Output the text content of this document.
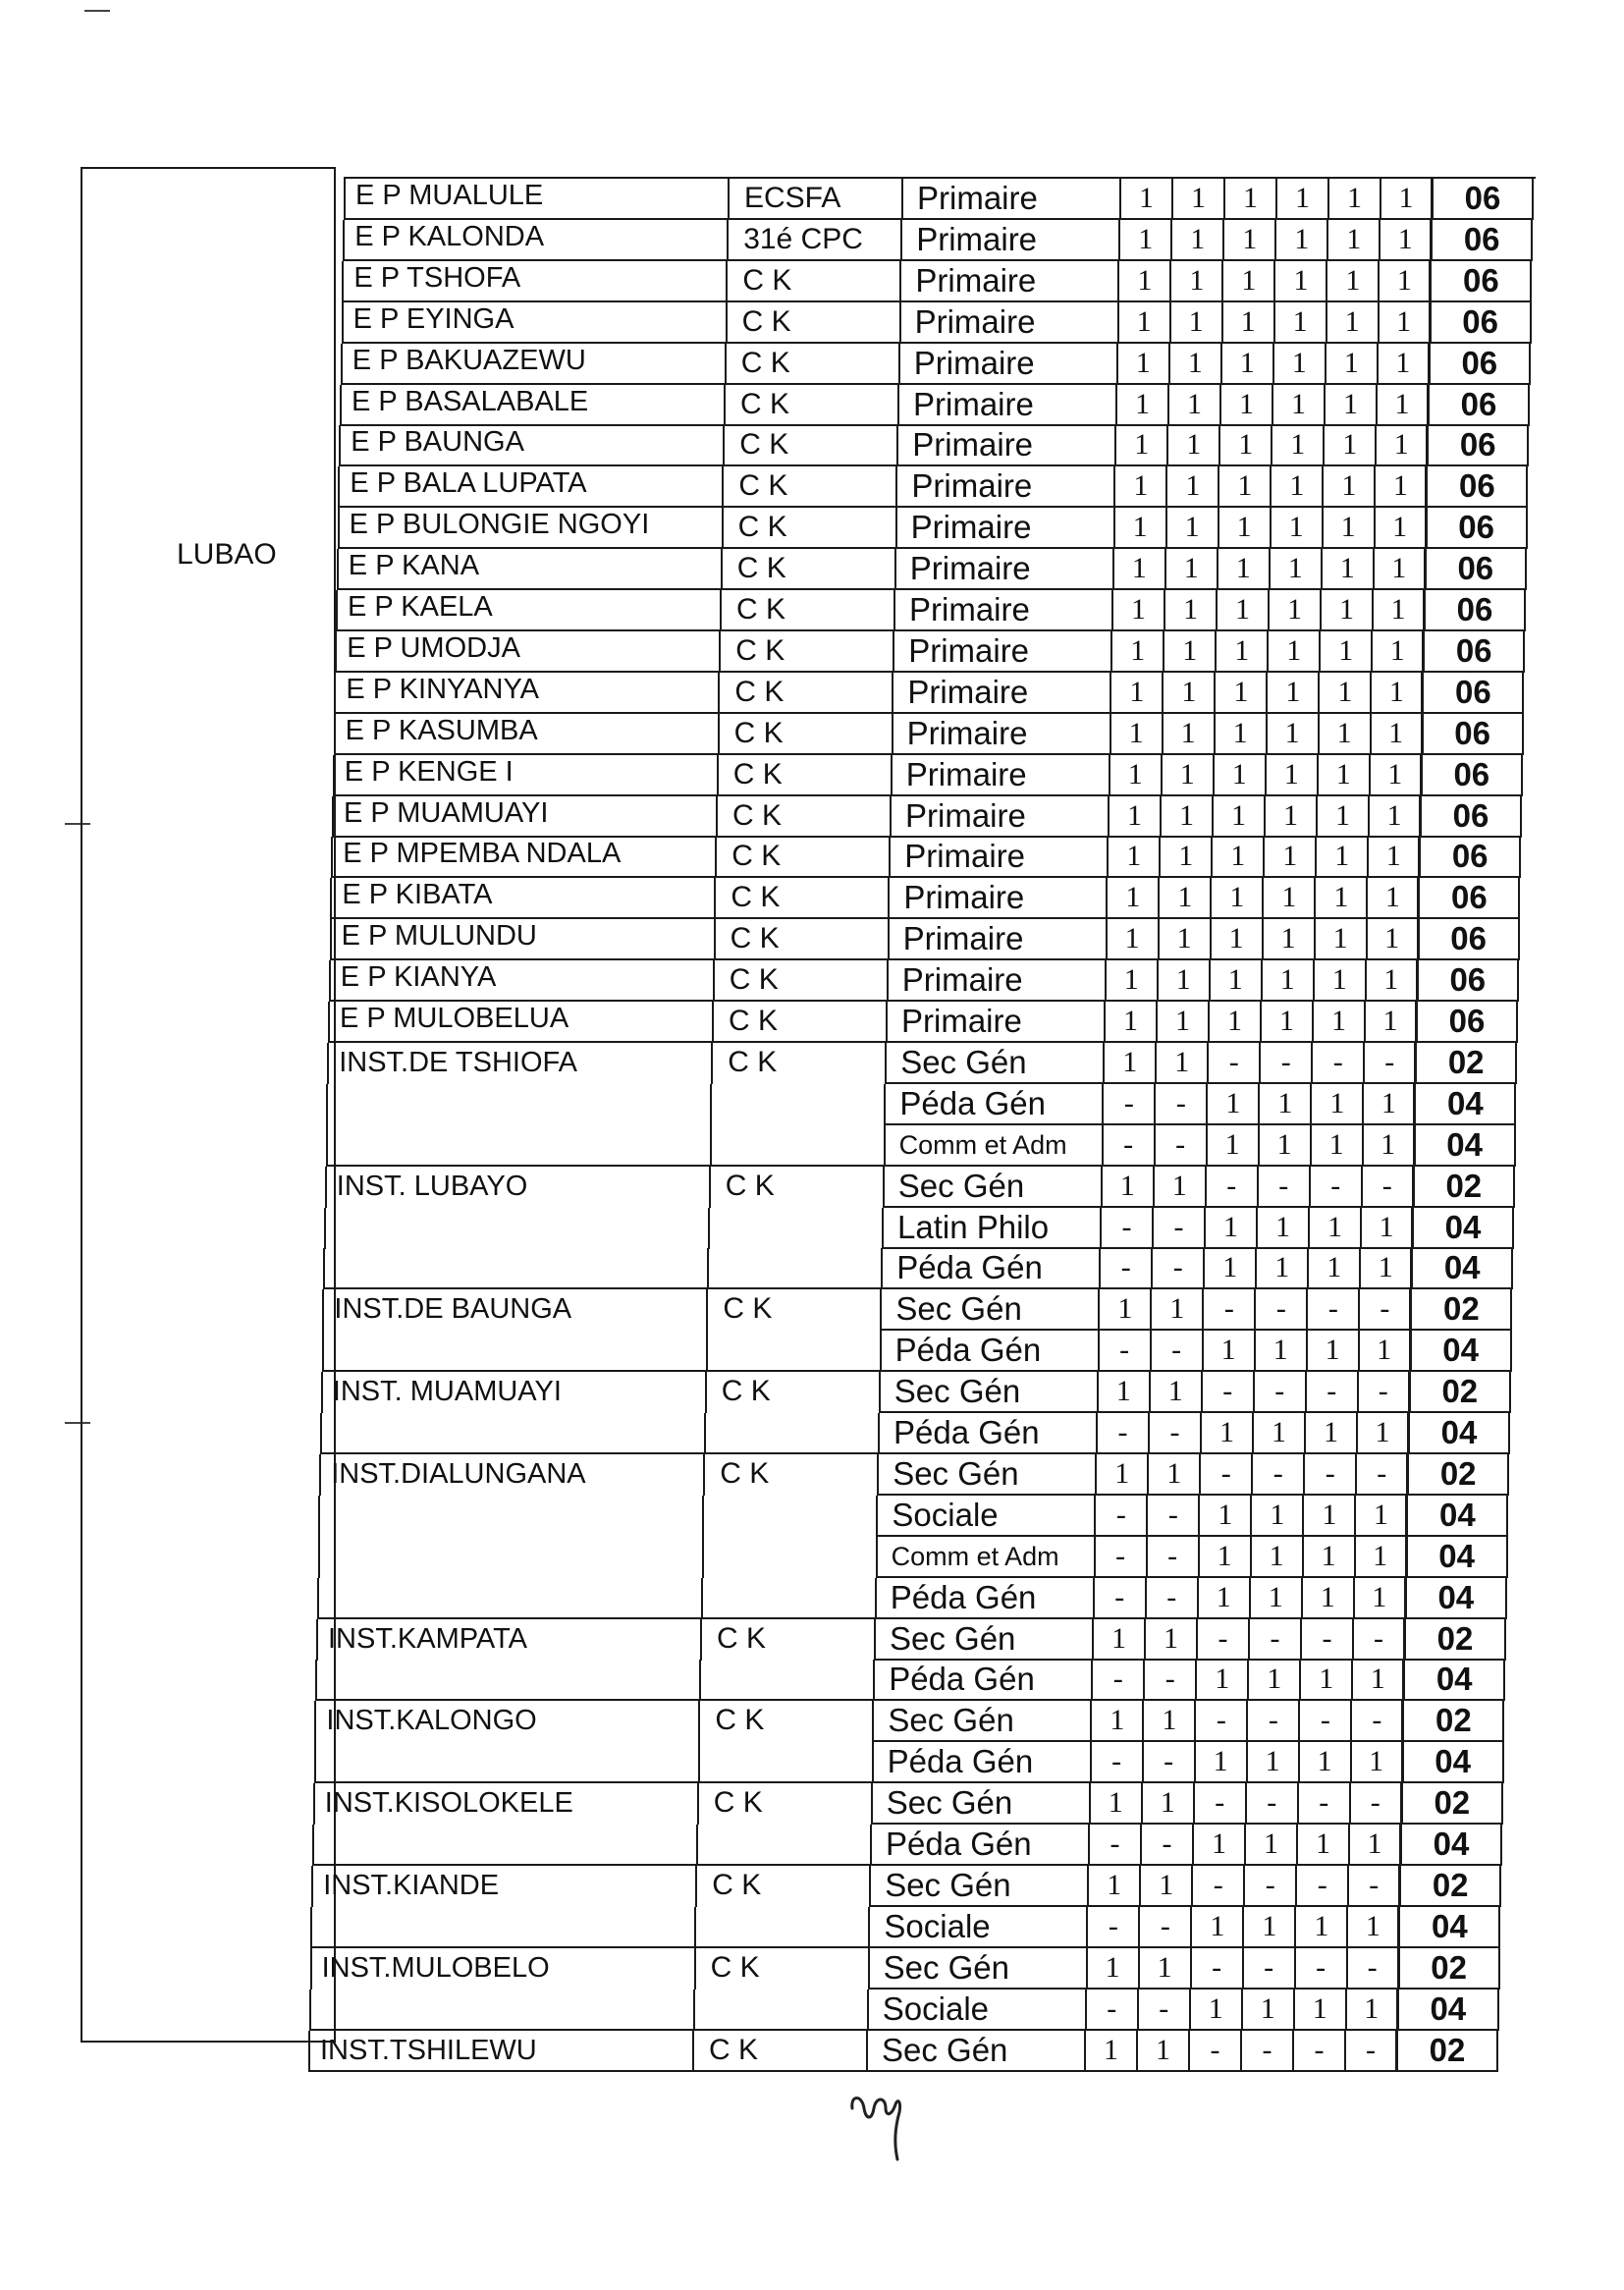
LUBAO
E P MUALULE	ECSFA	Primaire	1	1	1	1	1	1	06
E P KALONDA	31é CPC	Primaire	1	1	1	1	1	1	06
E P TSHOFA	C K	Primaire	1	1	1	1	1	1	06
E P EYINGA	C K	Primaire	1	1	1	1	1	1	06
E P BAKUAZEWU	C K	Primaire	1	1	1	1	1	1	06
E P BASALABALE	C K	Primaire	1	1	1	1	1	1	06
E P BAUNGA	C K	Primaire	1	1	1	1	1	1	06
E P BALA LUPATA	C K	Primaire	1	1	1	1	1	1	06
E P BULONGIE NGOYI	C K	Primaire	1	1	1	1	1	1	06
E P KANA	C K	Primaire	1	1	1	1	1	1	06
E P KAELA	C K	Primaire	1	1	1	1	1	1	06
E P UMODJA	C K	Primaire	1	1	1	1	1	1	06
E P KINYANYA	C K	Primaire	1	1	1	1	1	1	06
E P KASUMBA	C K	Primaire	1	1	1	1	1	1	06
E P KENGE I	C K	Primaire	1	1	1	1	1	1	06
E P MUAMUAYI	C K	Primaire	1	1	1	1	1	1	06
E P MPEMBA NDALA	C K	Primaire	1	1	1	1	1	1	06
E P KIBATA	C K	Primaire	1	1	1	1	1	1	06
E P MULUNDU	C K	Primaire	1	1	1	1	1	1	06
E P KIANYA	C K	Primaire	1	1	1	1	1	1	06
E P MULOBELUA	C K	Primaire	1	1	1	1	1	1	06
INST.DE TSHIOFA	C K	Sec Gén	1	1	-	-	-	-	02
Péda Gén	-	-	1	1	1	1	04
Comm et Adm	-	-	1	1	1	1	04
INST. LUBAYO	C K	Sec Gén	1	1	-	-	-	-	02
Latin Philo	-	-	1	1	1	1	04
Péda Gén	-	-	1	1	1	1	04
INST.DE BAUNGA	C K	Sec Gén	1	1	-	-	-	-	02
Péda Gén	-	-	1	1	1	1	04
INST. MUAMUAYI	C K	Sec Gén	1	1	-	-	-	-	02
Péda Gén	-	-	1	1	1	1	04
INST.DIALUNGANA	C K	Sec Gén	1	1	-	-	-	-	02
Sociale	-	-	1	1	1	1	04
Comm et Adm	-	-	1	1	1	1	04
Péda Gén	-	-	1	1	1	1	04
INST.KAMPATA	C K	Sec Gén	1	1	-	-	-	-	02
Péda Gén	-	-	1	1	1	1	04
INST.KALONGO	C K	Sec Gén	1	1	-	-	-	-	02
Péda Gén	-	-	1	1	1	1	04
INST.KISOLOKELE	C K	Sec Gén	1	1	-	-	-	-	02
Péda Gén	-	-	1	1	1	1	04
INST.KIANDE	C K	Sec Gén	1	1	-	-	-	-	02
Sociale	-	-	1	1	1	1	04
INST.MULOBELO	C K	Sec Gén	1	1	-	-	-	-	02
Sociale	-	-	1	1	1	1	04
INST.TSHILEWU	C K	Sec Gén	1	1	-	-	-	-	02
